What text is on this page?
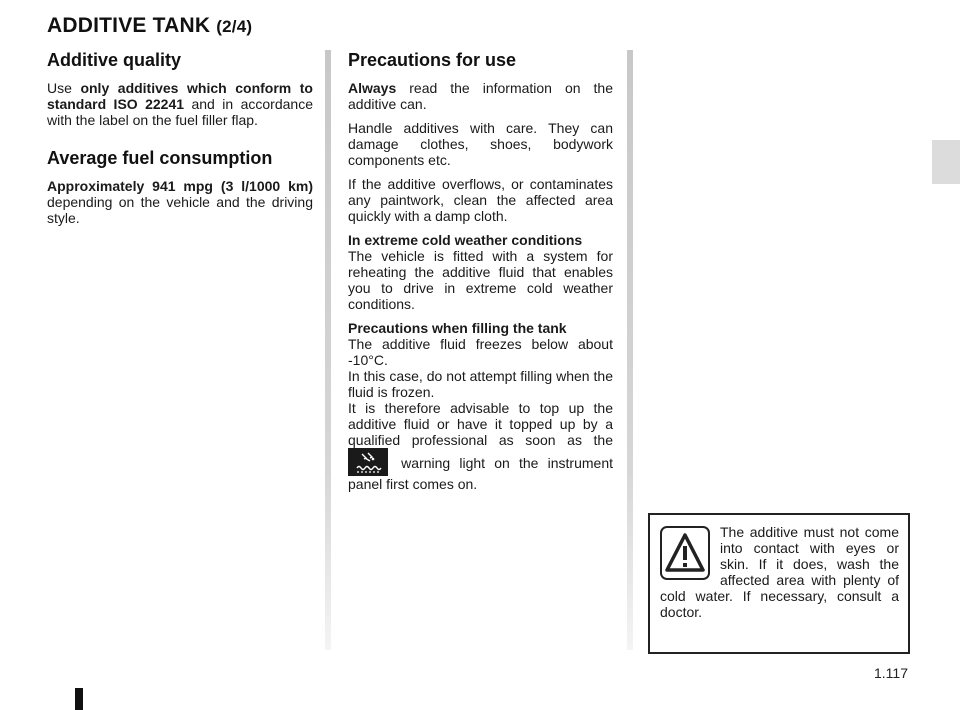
ADDITIVE TANK (2/4)
Additive quality

Use only additives which conform to standard ISO 22241 and in accordance with the label on the fuel filler flap.

Average fuel consumption

Approximately 941 mpg (3 l/1000 km) depending on the vehicle and the driving style.

Precautions for use

Always read the information on the additive can.

Handle additives with care. They can damage clothes, shoes, bodywork components etc.

If the additive overflows, or contaminates any paintwork, clean the affected area quickly with a damp cloth.

In extreme cold weather conditions
The vehicle is fitted with a system for reheating the additive fluid that enables you to drive in extreme cold weather conditions.

Precautions when filling the tank
The additive fluid freezes below about -10°C.
In this case, do not attempt filling when the fluid is frozen.
It is therefore advisable to top up the additive fluid or have it topped up by a qualified professional as soon as the
warning light on the instrument panel first comes on.

The additive must not come into contact with eyes or skin. If it does, wash the affected area with plenty of cold water. If necessary, consult a doctor.
1.117
